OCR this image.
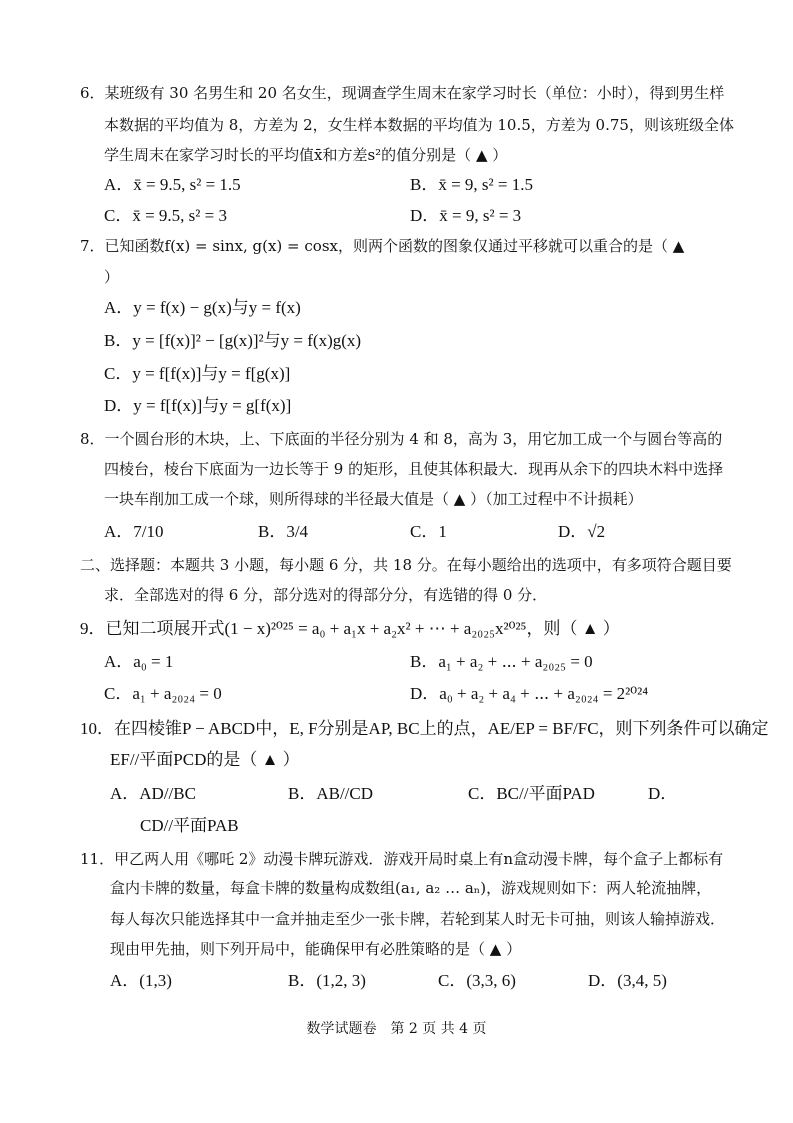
6．某班级有 30 名男生和 20 名女生，现调查学生周末在家学习时长（单位：小时），得到男生样
本数据的平均值为 8，方差为 2，女生样本数据的平均值为 10.5，方差为 0.75，则该班级全体
学生周末在家学习时长的平均值x̄和方差s²的值分别是（ ▲ ）
A．x̄ = 9.5, s² = 1.5	B．x̄ = 9, s² = 1.5
C．x̄ = 9.5, s² = 3	D．x̄ = 9, s² = 3
7．已知函数f(x) = sinx, g(x) = cosx，则两个函数的图象仅通过平移就可以重合的是（ ▲
）
A．y = f(x) − g(x)与y = f(x)
B．y = [f(x)]² − [g(x)]²与y = f(x)g(x)
C．y = f[f(x)]与y = f[g(x)]
D．y = f[f(x)]与y = g[f(x)]
8．一个圆台形的木块，上、下底面的半径分别为 4 和 8，高为 3，用它加工成一个与圆台等高的
四棱台，棱台下底面为一边长等于 9 的矩形，且使其体积最大．现再从余下的四块木料中选择
一块车削加工成一个球，则所得球的半径最大值是（ ▲ ）（加工过程中不计损耗）
A．7/10	B．3/4	C．1	D．√2
二、选择题：本题共 3 小题，每小题 6 分，共 18 分。在每小题给出的选项中，有多项符合题目要
求．全部选对的得 6 分，部分选对的得部分分，有选错的得 0 分．
9．已知二项展开式(1 − x)²⁰²⁵ = a₀ + a₁x + a₂x² + ⋯ + a₂₀₂₅x²⁰²⁵，则（ ▲ ）
A．a₀ = 1	B．a₁ + a₂ + ⋯ + a₂₀₂₅ = 0
C．a₁ + a₂₀₂₄ = 0	D．a₀ + a₂ + a₄ + ⋯ + a₂₀₂₄ = 2²⁰²⁴
10．在四棱锥P − ABCD中，E, F分别是AP, BC上的点，AE/EP = BF/FC，则下列条件可以确定
EF//平面PCD的是（ ▲ ）
A．AD//BC	B．AB//CD	C．BC//平面PAD	D．
CD//平面PAB
11．甲乙两人用《哪吒 2》动漫卡牌玩游戏．游戏开局时桌上有n盒动漫卡牌，每个盒子上都标有
盒内卡牌的数量，每盒卡牌的数量构成数组(a₁, a₂ … aₙ)，游戏规则如下：两人轮流抽牌，
每人每次只能选择其中一盒并抽走至少一张卡牌，若轮到某人时无卡可抽，则该人输掉游戏．
现由甲先抽，则下列开局中，能确保甲有必胜策略的是（ ▲ ）
A．(1,3)	B．(1,2, 3)	C．(3,3, 6)	D．(3,4, 5)
数学试题卷　第 2 页 共 4 页
